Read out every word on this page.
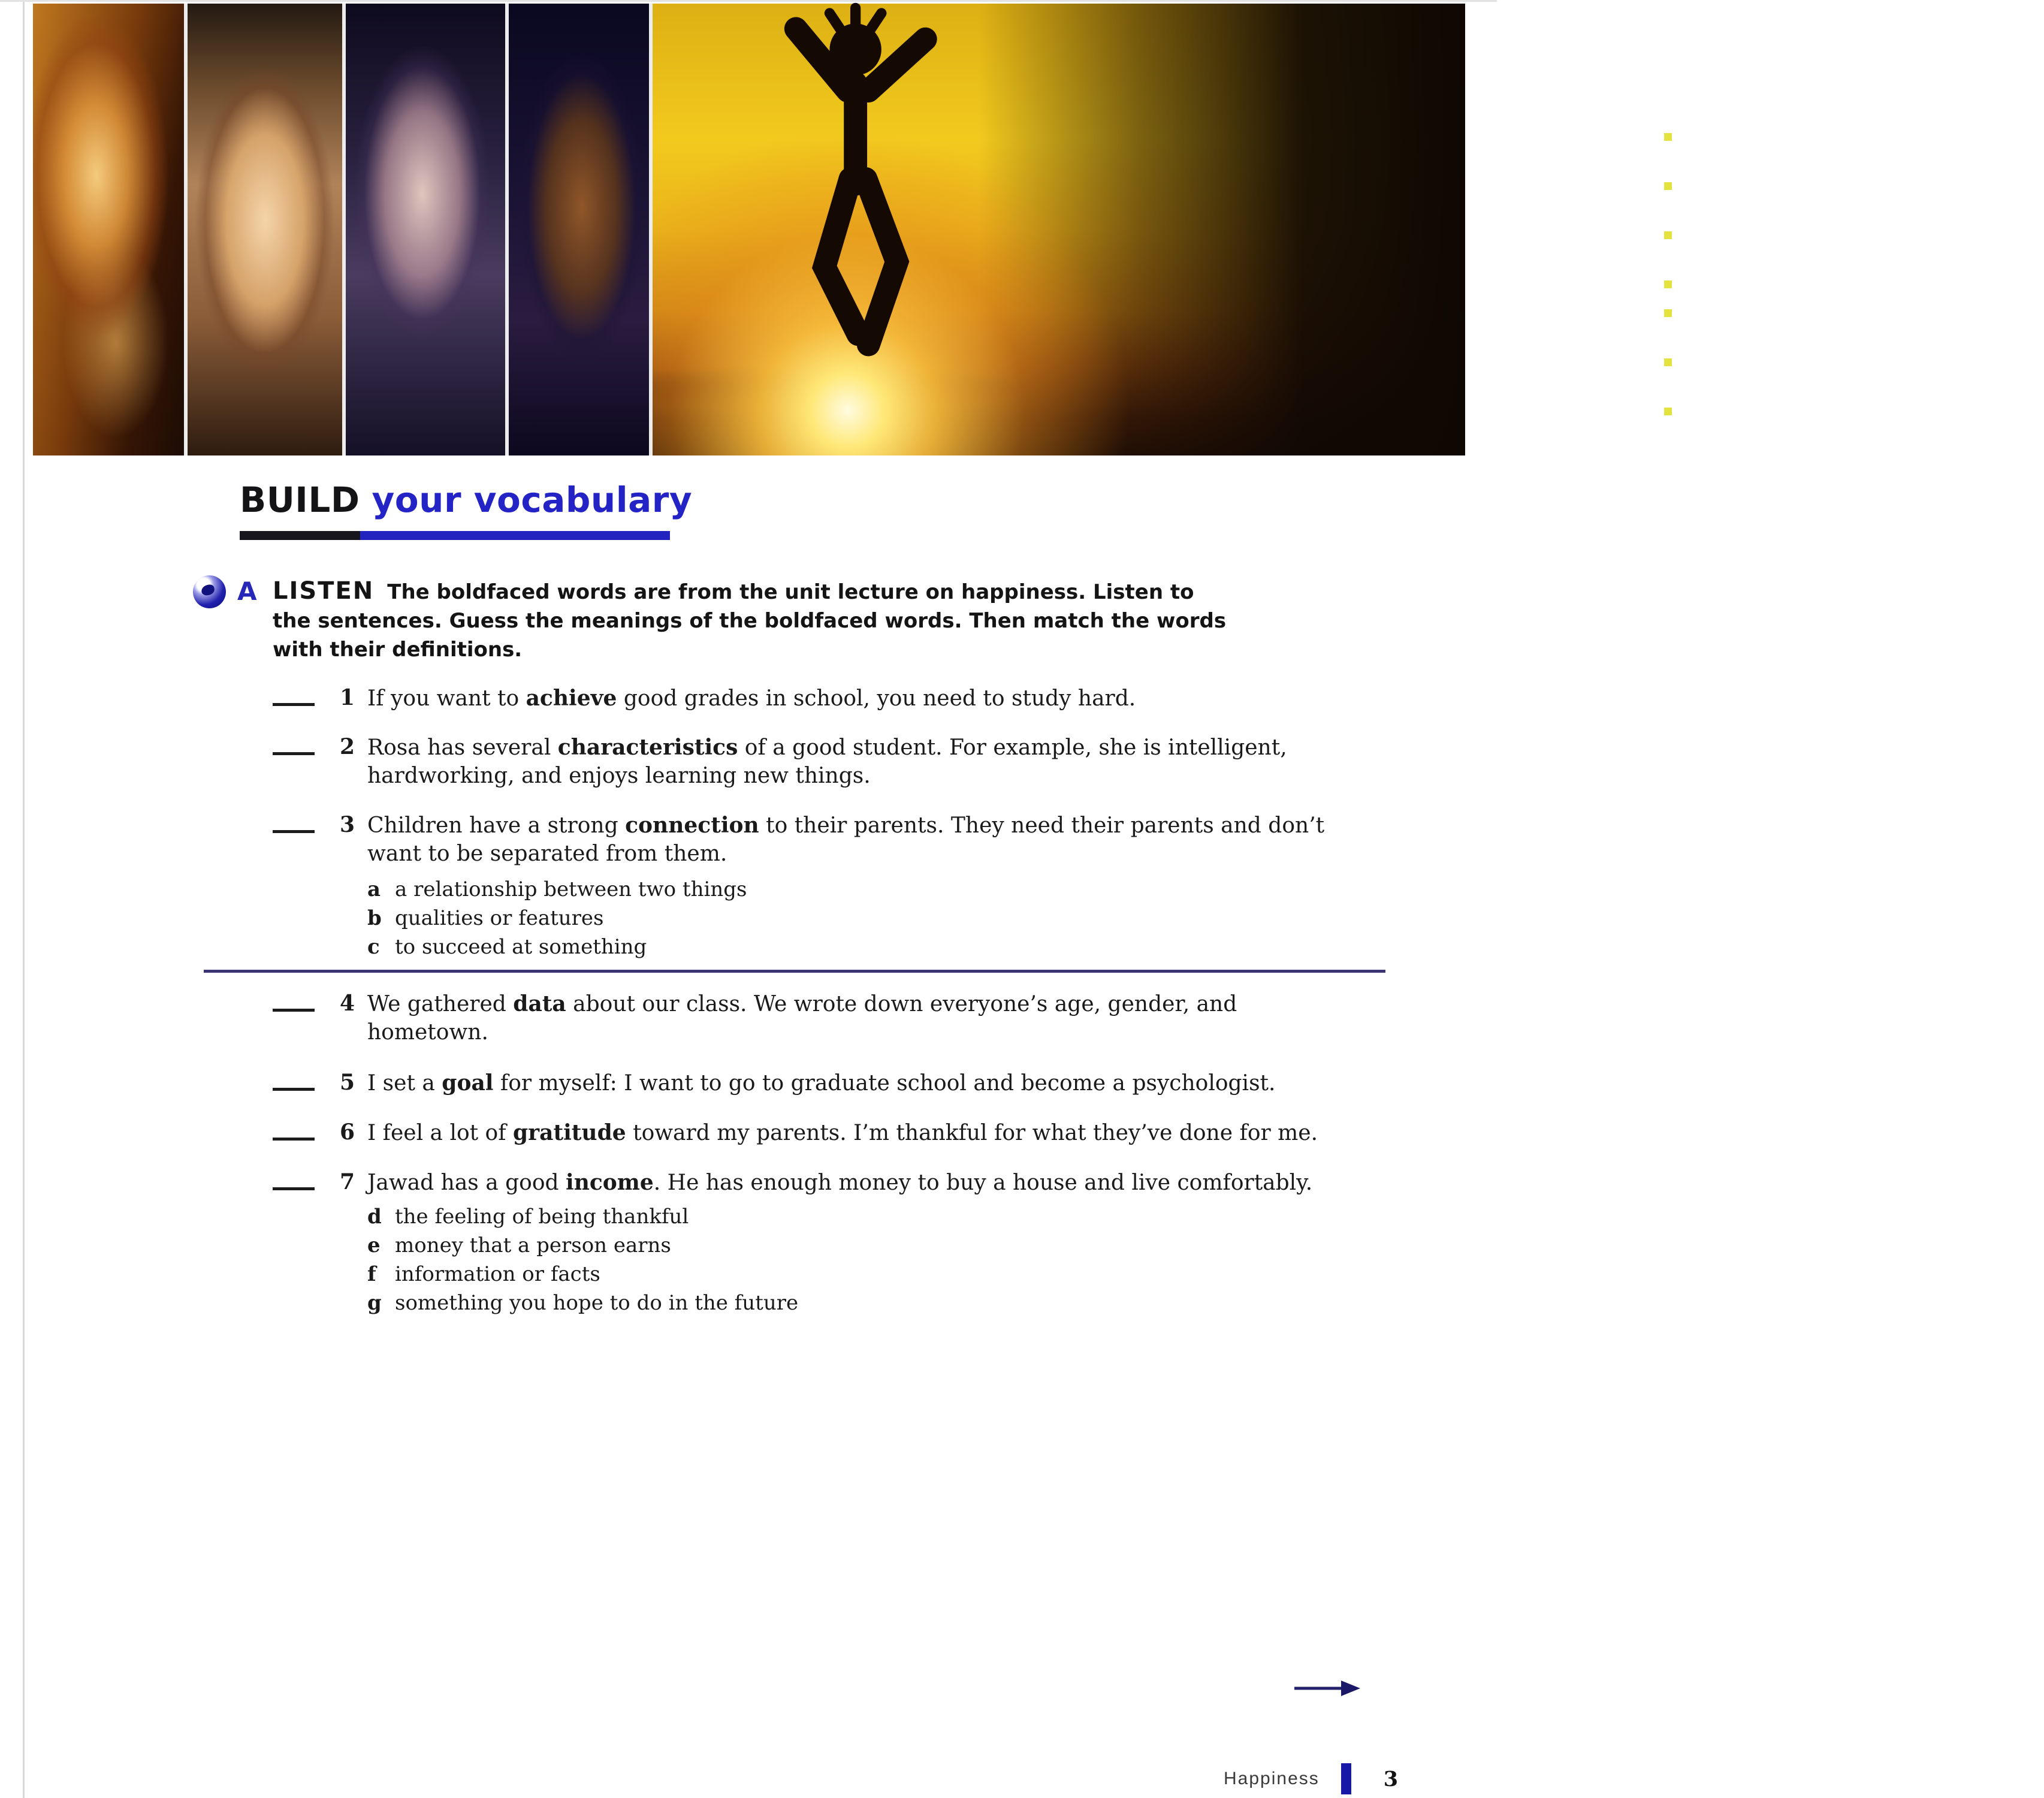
LEARNING OUTCOMES

In this unit you will:

note the topic and main ideas of a short talk
note main ideas from a psychology lecture
fact-check statements about a psychology lecture
identify and practice syllable stress
recognize and practice strategies for agreeing
review your lecture notes to prepare for the unit test
give a presentation about happiness while showing confidence
BUILD your vocabulary
A LISTEN The boldfaced words are from the unit lecture on happiness. Listen to the sentences. Guess the meanings of the boldfaced words. Then match the words with their definitions.
1 If you want to achieve good grades in school, you need to study hard.
2 Rosa has several characteristics of a good student. For example, she is intelligent, hardworking, and enjoys learning new things.
3 Children have a strong connection to their parents. They need their parents and don’t want to be separated from them.
a a relationship between two things
b qualities or features
c to succeed at something
4 We gathered data about our class. We wrote down everyone’s age, gender, and hometown.
5 I set a goal for myself: I want to go to graduate school and become a psychologist.
6 I feel a lot of gratitude toward my parents. I’m thankful for what they’ve done for me.
7 Jawad has a good income. He has enough money to buy a house and live comfortably.
d the feeling of being thankful
e money that a person earns
f information or facts
g something you hope to do in the future
Happiness	3
